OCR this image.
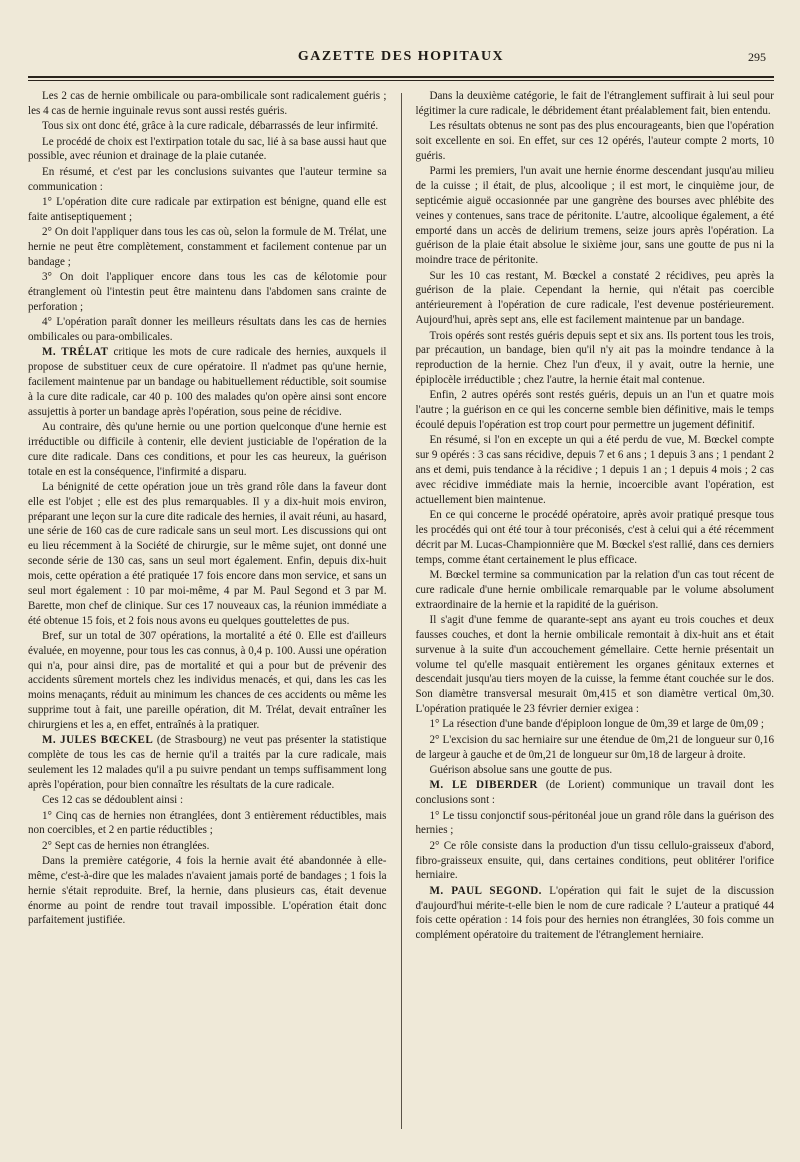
GAZETTE DES HOPITAUX	295

Les 2 cas de hernie ombilicale ou para-ombilicale sont radicalement guéris ; les 4 cas de hernie inguinale revus sont aussi restés guéris.

Tous six ont donc été, grâce à la cure radicale, débarrassés de leur infirmité.

Le procédé de choix est l'extirpation totale du sac, lié à sa base aussi haut que possible, avec réunion et drainage de la plaie cutanée.

En résumé, et c'est par les conclusions suivantes que l'auteur termine sa communication :

1° L'opération dite cure radicale par extirpation est bénigne, quand elle est faite antiseptiquement ;

2° On doit l'appliquer dans tous les cas où, selon la formule de M. Trélat, une hernie ne peut être complètement, constamment et facilement contenue par un bandage ;

3° On doit l'appliquer encore dans tous les cas de kélotomie pour étranglement où l'intestin peut être maintenu dans l'abdomen sans crainte de perforation ;

4° L'opération paraît donner les meilleurs résultats dans les cas de hernies ombilicales ou para-ombilicales.

M. TRÉLAT critique les mots de cure radicale des hernies, auxquels il propose de substituer ceux de cure opératoire. Il n'admet pas qu'une hernie, facilement maintenue par un bandage ou habituellement réductible, soit soumise à la cure dite radicale, car 40 p. 100 des malades qu'on opère ainsi sont encore assujettis à porter un bandage après l'opération, sous peine de récidive.

Au contraire, dès qu'une hernie ou une portion quelconque d'une hernie est irréductible ou difficile à contenir, elle devient justiciable de l'opération de la cure dite radicale. Dans ces conditions, et pour les cas heureux, la guérison totale en est la conséquence, l'infirmité a disparu.

La bénignité de cette opération joue un très grand rôle dans la faveur dont elle est l'objet ; elle est des plus remarquables. Il y a dix-huit mois environ, préparant une leçon sur la cure dite radicale des hernies, il avait réuni, au hasard, une série de 160 cas de cure radicale sans un seul mort. Les discussions qui ont eu lieu récemment à la Société de chirurgie, sur le même sujet, ont donné une seconde série de 130 cas, sans un seul mort également. Enfin, depuis dix-huit mois, cette opération a été pratiquée 17 fois encore dans mon service, et sans un seul mort également : 10 par moi-même, 4 par M. Paul Segond et 3 par M. Barette, mon chef de clinique. Sur ces 17 nouveaux cas, la réunion immédiate a été obtenue 15 fois, et 2 fois nous avons eu quelques gouttelettes de pus.

Bref, sur un total de 307 opérations, la mortalité a été 0. Elle est d'ailleurs évaluée, en moyenne, pour tous les cas connus, à 0,4 p. 100. Aussi une opération qui n'a, pour ainsi dire, pas de mortalité et qui a pour but de prévenir des accidents sûrement mortels chez les individus menacés, et qui, dans les cas les moins menaçants, réduit au minimum les chances de ces accidents ou même les supprime tout à fait, une pareille opération, dit M. Trélat, devait entraîner les chirurgiens et les a, en effet, entraînés à la pratiquer.

M. JULES BŒCKEL (de Strasbourg) ne veut pas présenter la statistique complète de tous les cas de hernie qu'il a traités par la cure radicale, mais seulement les 12 malades qu'il a pu suivre pendant un temps suffisamment long après l'opération, pour bien connaître les résultats de la cure radicale.

Ces 12 cas se dédoublent ainsi :

1° Cinq cas de hernies non étranglées, dont 3 entièrement réductibles, mais non coercibles, et 2 en partie réductibles ;

2° Sept cas de hernies non étranglées.

Dans la première catégorie, 4 fois la hernie avait été abandonnée à elle-même, c'est-à-dire que les malades n'avaient jamais porté de bandages ; 1 fois la hernie s'était reproduite. Bref, la hernie, dans plusieurs cas, était devenue énorme au point de rendre tout travail impossible. L'opération était donc parfaitement justifiée.

Dans la deuxième catégorie, le fait de l'étranglement suffirait à lui seul pour légitimer la cure radicale, le débridement étant préalablement fait, bien entendu.

Les résultats obtenus ne sont pas des plus encourageants, bien que l'opération soit excellente en soi. En effet, sur ces 12 opérés, l'auteur compte 2 morts, 10 guéris.

Parmi les premiers, l'un avait une hernie énorme descendant jusqu'au milieu de la cuisse ; il était, de plus, alcoolique ; il est mort, le cinquième jour, de septicémie aiguë occasionnée par une gangrène des bourses avec phlébite des veines y contenues, sans trace de péritonite. L'autre, alcoolique également, a été emporté dans un accès de delirium tremens, seize jours après l'opération. La guérison de la plaie était absolue le sixième jour, sans une goutte de pus ni la moindre trace de péritonite.

Sur les 10 cas restant, M. Bœckel a constaté 2 récidives, peu après la guérison de la plaie. Cependant la hernie, qui n'était pas coercible antérieurement à l'opération de cure radicale, l'est devenue postérieurement. Aujourd'hui, après sept ans, elle est facilement maintenue par un bandage.

Trois opérés sont restés guéris depuis sept et six ans. Ils portent tous les trois, par précaution, un bandage, bien qu'il n'y ait pas la moindre tendance à la reproduction de la hernie. Chez l'un d'eux, il y avait, outre la hernie, une épiplocèle irréductible ; chez l'autre, la hernie était mal contenue.

Enfin, 2 autres opérés sont restés guéris, depuis un an l'un et quatre mois l'autre ; la guérison en ce qui les concerne semble bien définitive, mais le temps écoulé depuis l'opération est trop court pour permettre un jugement définitif.

En résumé, si l'on en excepte un qui a été perdu de vue, M. Bœckel compte sur 9 opérés : 3 cas sans récidive, depuis 7 et 6 ans ; 1 depuis 3 ans ; 1 pendant 2 ans et demi, puis tendance à la récidive ; 1 depuis 1 an ; 1 depuis 4 mois ; 2 cas avec récidive immédiate mais la hernie, incoercible avant l'opération, est actuellement bien maintenue.

En ce qui concerne le procédé opératoire, après avoir pratiqué presque tous les procédés qui ont été tour à tour préconisés, c'est à celui qui a été récemment décrit par M. Lucas-Championnière que M. Bœckel s'est rallié, dans ces derniers temps, comme étant certainement le plus efficace.

M. Bœckel termine sa communication par la relation d'un cas tout récent de cure radicale d'une hernie ombilicale remarquable par le volume absolument extraordinaire de la hernie et la rapidité de la guérison.

Il s'agit d'une femme de quarante-sept ans ayant eu trois couches et deux fausses couches, et dont la hernie ombilicale remontait à dix-huit ans et était survenue à la suite d'un accouchement gémellaire. Cette hernie présentait un volume tel qu'elle masquait entièrement les organes génitaux externes et descendait jusqu'au tiers moyen de la cuisse, la femme étant couchée sur le dos. Son diamètre transversal mesurait 0m,415 et son diamètre vertical 0m,30. L'opération pratiquée le 23 février dernier exigea :

1° La résection d'une bande d'épiploon longue de 0m,39 et large de 0m,09 ;

2° L'excision du sac herniaire sur une étendue de 0m,21 de longueur sur 0,16 de largeur à gauche et de 0m,21 de longueur sur 0m,18 de largeur à droite.

Guérison absolue sans une goutte de pus.

M. LE DIBERDER (de Lorient) communique un travail dont les conclusions sont :

1° Le tissu conjonctif sous-péritonéal joue un grand rôle dans la guérison des hernies ;

2° Ce rôle consiste dans la production d'un tissu cellulo-graisseux d'abord, fibro-graisseux ensuite, qui, dans certaines conditions, peut oblitérer l'orifice herniaire.

M. PAUL SEGOND. L'opération qui fait le sujet de la discussion d'aujourd'hui mérite-t-elle bien le nom de cure radicale ? L'auteur a pratiqué 44 fois cette opération : 14 fois pour des hernies non étranglées, 30 fois comme un complément opératoire du traitement de l'étranglement herniaire.
